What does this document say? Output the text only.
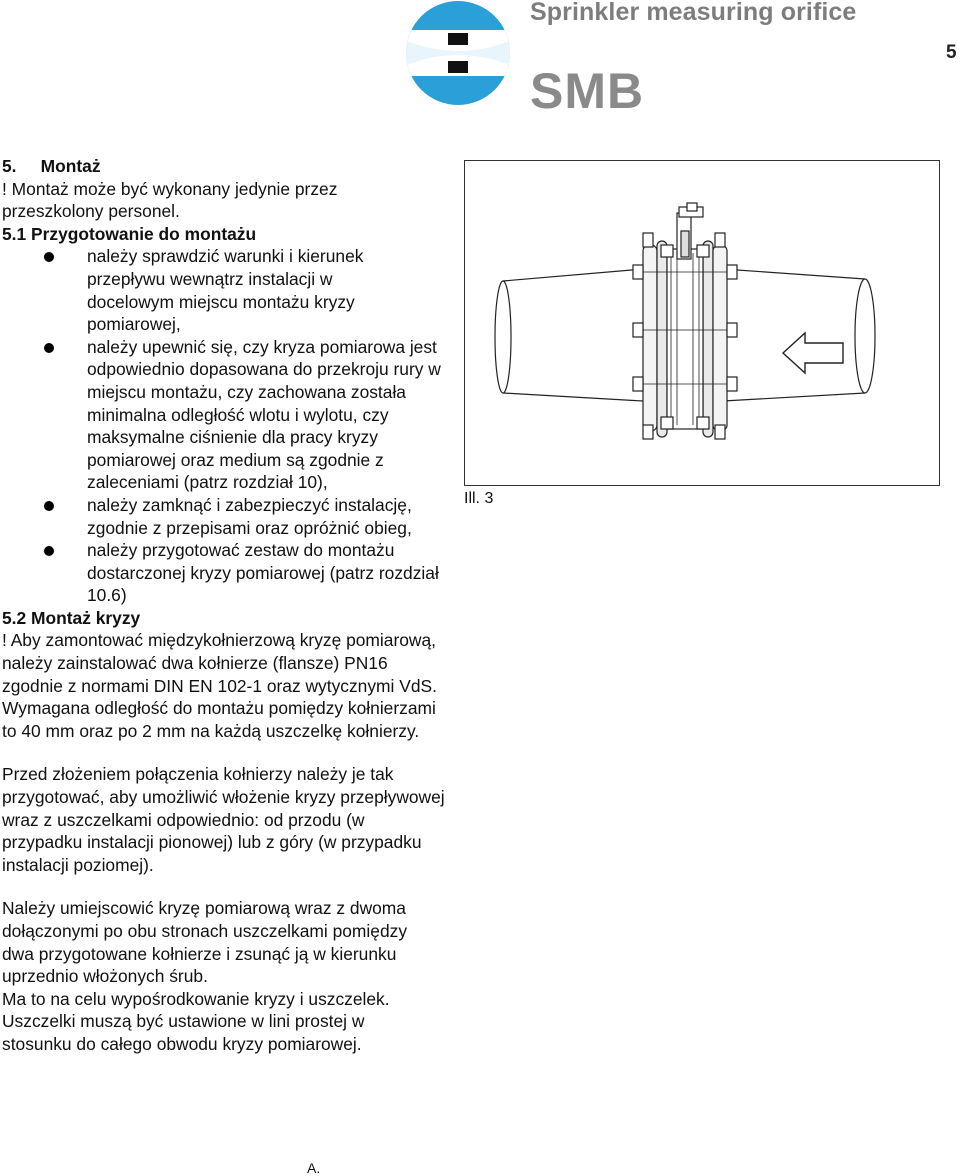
Sprinkler measuring orifice
5
SMB

5.     Montaż

! Montaż może być wykonany jedynie przez przeszkolony personel.

5.1 Przygotowanie do montażu

należy sprawdzić warunki i kierunek przepływu wewnątrz instalacji w docelowym miejscu montażu kryzy pomiarowej,
należy upewnić się, czy kryza pomiarowa jest odpowiednio dopasowana do przekroju rury w miejscu montażu, czy zachowana została minimalna odległość wlotu i wylotu, czy maksymalne ciśnienie dla pracy kryzy pomiarowej oraz medium są zgodnie z zaleceniami (patrz rozdział 10),
należy zamknąć i zabezpieczyć instalację, zgodnie z przepisami oraz opróżnić obieg,
należy przygotować zestaw do montażu dostarczonej kryzy pomiarowej (patrz rozdział 10.6)

5.2 Montaż kryzy

! Aby zamontować międzykołnierzową kryzę pomiarową, należy zainstalować dwa kołnierze (flansze) PN16 zgodnie z normami DIN EN 102-1 oraz wytycznymi VdS. Wymagana odległość do montażu pomiędzy kołnierzami to 40 mm oraz po 2 mm na każdą uszczelkę kołnierzy.

Przed złożeniem połączenia kołnierzy należy je tak przygotować, aby umożliwić włożenie kryzy przepływowej wraz z uszczelkami odpowiednio: od przodu (w przypadku instalacji pionowej) lub z góry (w przypadku instalacji poziomej).

Należy umiejscowić kryzę pomiarową wraz z dwoma dołączonymi po obu stronach uszczelkami pomiędzy dwa przygotowane kołnierze i zsunąć ją w kierunku uprzednio włożonych śrub.

Ma to na celu wypośrodkowanie kryzy i uszczelek.

Uszczelki muszą być ustawione w lini prostej w stosunku do całego obwodu kryzy pomiarowej.

Ill. 3
A.
